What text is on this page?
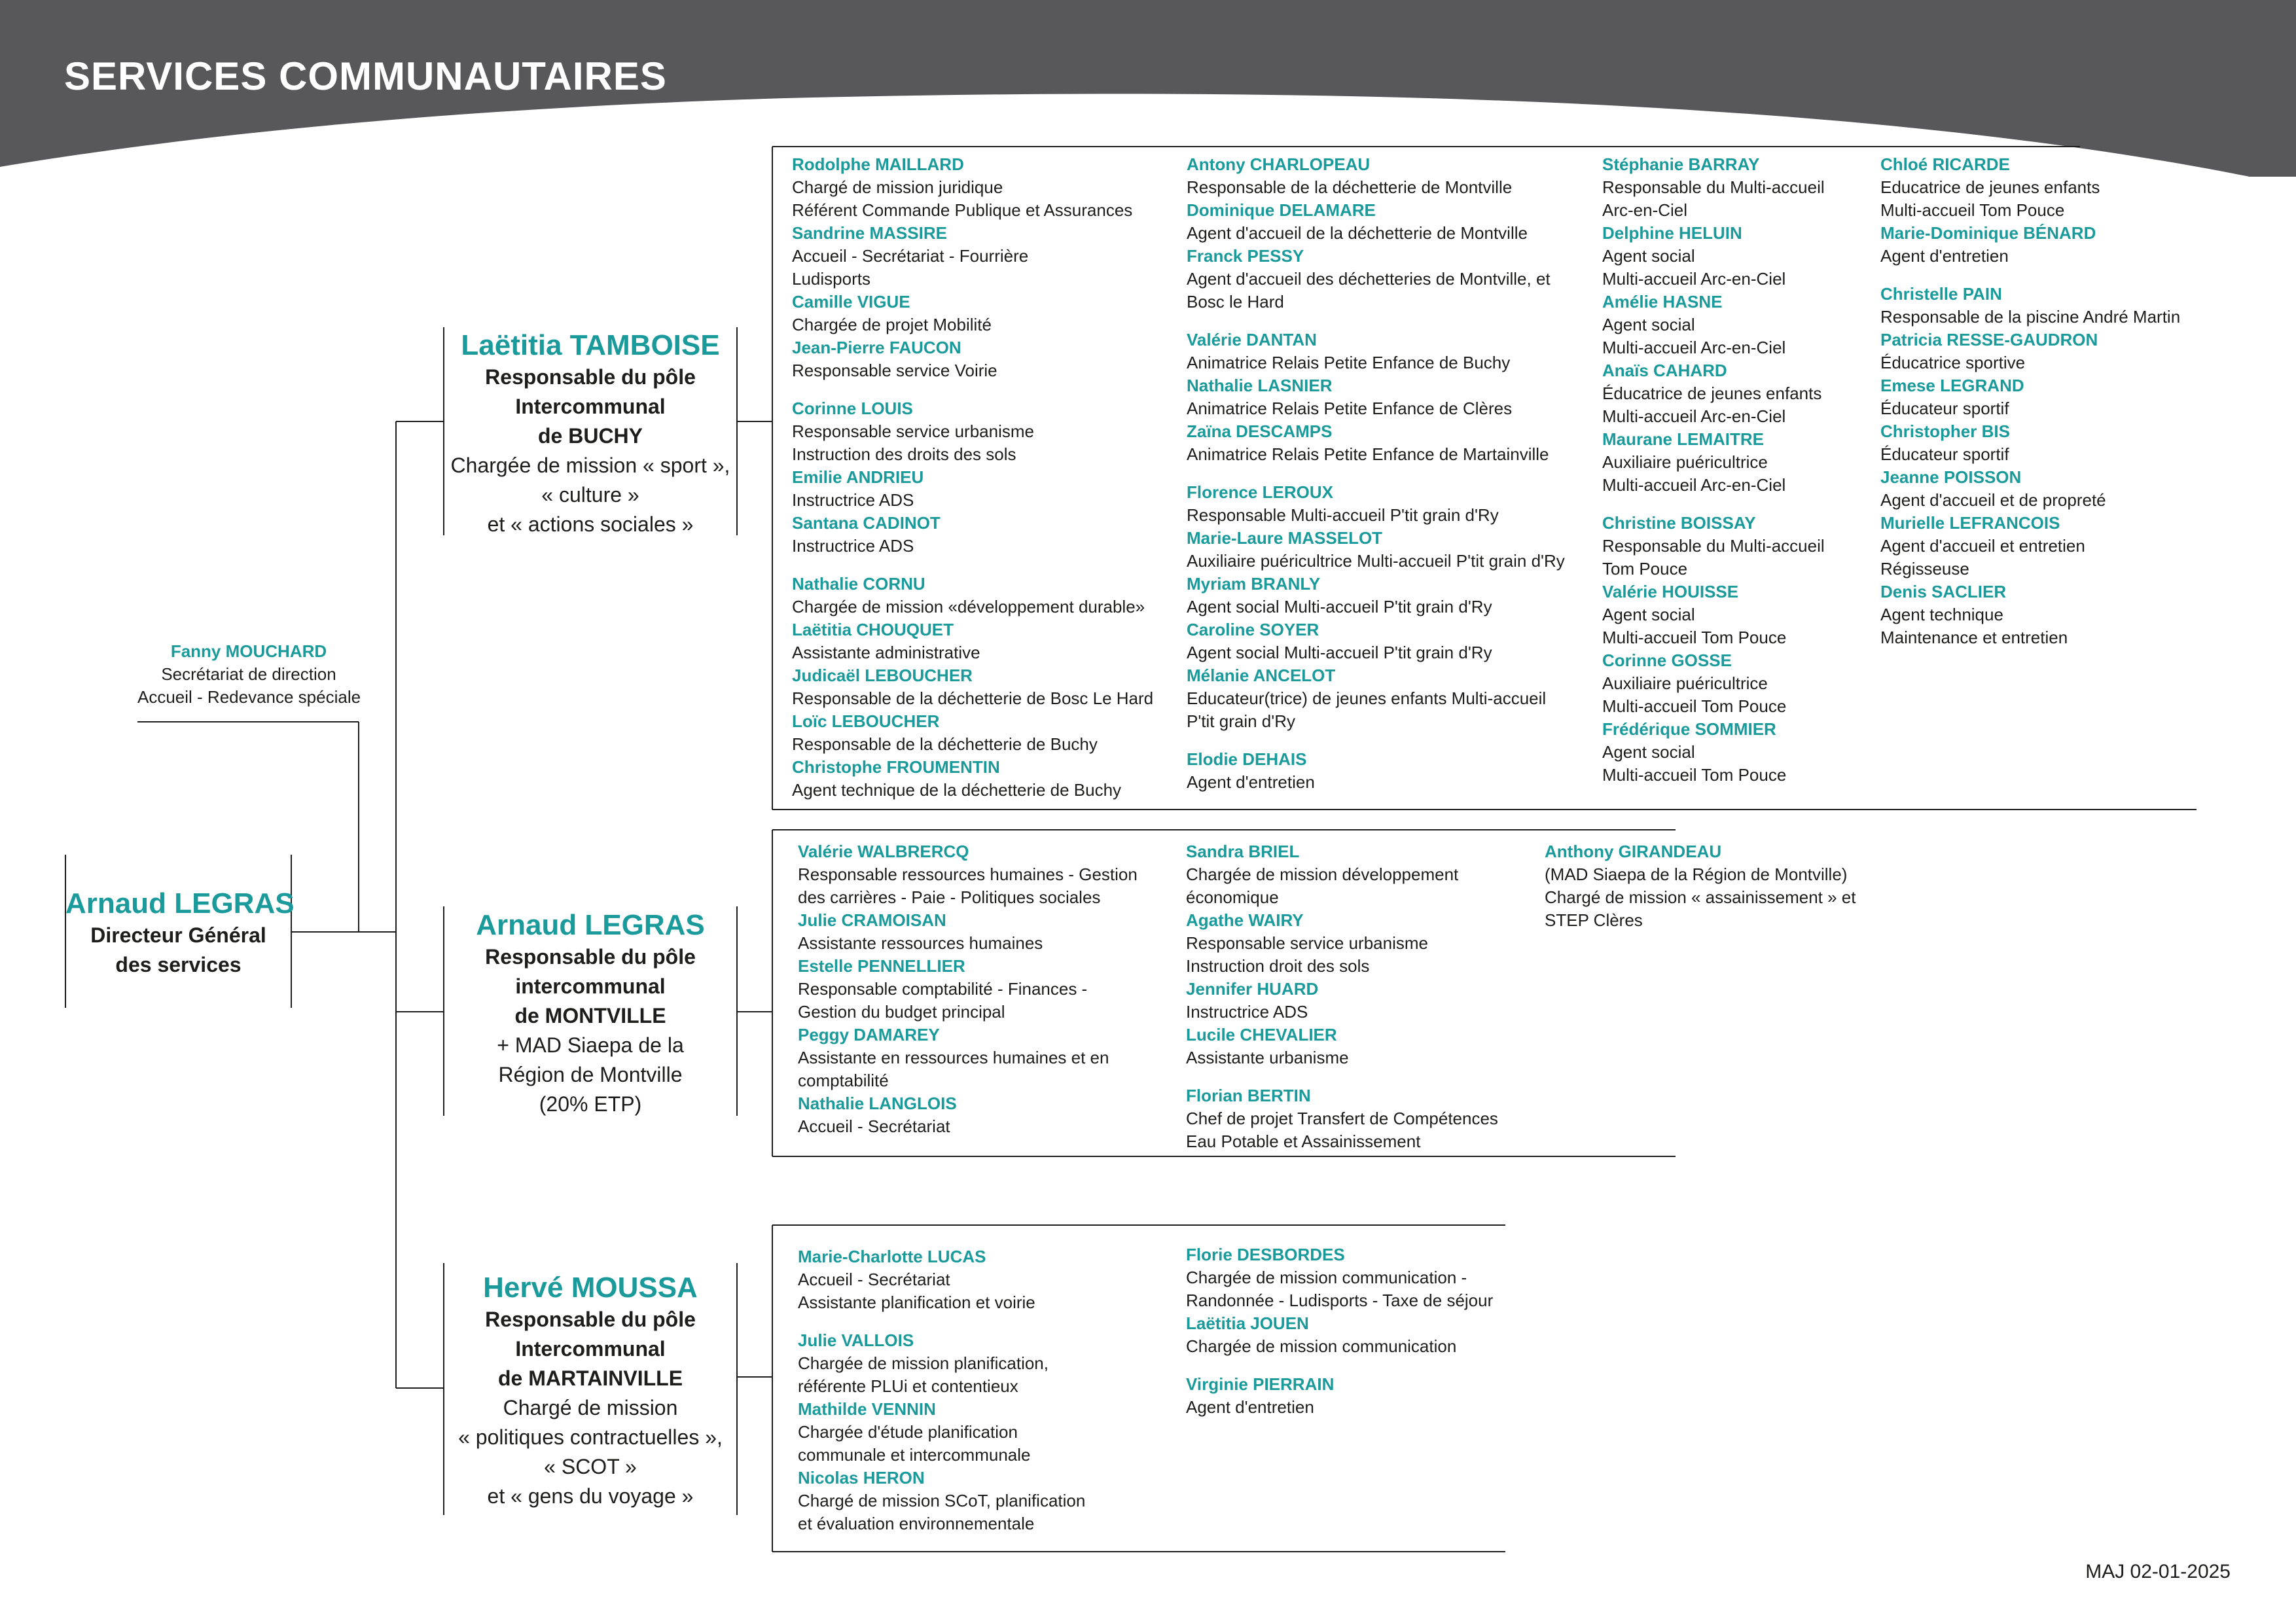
SERVICES COMMUNAUTAIRES
Fanny MOUCHARD
Secrétariat de direction
Accueil - Redevance spéciale
Arnaud LEGRAS
Directeur Général
des services
Laëtitia TAMBOISE
Responsable du pôle
Intercommunal
de BUCHY
Chargée de mission « sport »,
« culture »
et « actions sociales »
Arnaud LEGRAS
Responsable du pôle
intercommunal
de MONTVILLE
+ MAD Siaepa de la
Région de Montville
(20% ETP)
Hervé MOUSSA
Responsable du pôle
Intercommunal
de MARTAINVILLE
Chargé de mission
« politiques contractuelles »,
« SCOT »
et « gens du voyage »
Rodolphe MAILLARD
Chargé de mission juridique
Référent Commande Publique et Assurances
Sandrine MASSIRE
Accueil - Secrétariat - Fourrière
Ludisports
Camille VIGUE
Chargée de projet Mobilité
Jean-Pierre FAUCON
Responsable service Voirie
Corinne LOUIS
Responsable service urbanisme
Instruction des droits des sols
Emilie ANDRIEU
Instructrice ADS
Santana CADINOT
Instructrice ADS
Nathalie CORNU
Chargée de mission «développement durable»
Laëtitia CHOUQUET
Assistante administrative
Judicaël LEBOUCHER
Responsable de la déchetterie de Bosc Le Hard
Loïc LEBOUCHER
Responsable de la déchetterie de Buchy
Christophe FROUMENTIN
Agent technique de la déchetterie de Buchy
Antony CHARLOPEAU
Responsable de la déchetterie de Montville
Dominique DELAMARE
Agent d'accueil de la déchetterie de Montville
Franck PESSY
Agent d'accueil des déchetteries de Montville, et
Bosc le Hard
Valérie DANTAN
Animatrice Relais Petite Enfance de Buchy
Nathalie LASNIER
Animatrice Relais Petite Enfance de Clères
Zaïna DESCAMPS
Animatrice Relais Petite Enfance de Martainville
Florence LEROUX
Responsable Multi-accueil P'tit grain d'Ry
Marie-Laure MASSELOT
Auxiliaire puéricultrice Multi-accueil P'tit grain d'Ry
Myriam BRANLY
Agent social Multi-accueil P'tit grain d'Ry
Caroline SOYER
Agent social Multi-accueil P'tit grain d'Ry
Mélanie ANCELOT
Educateur(trice) de jeunes enfants Multi-accueil
P'tit grain d'Ry
Elodie DEHAIS
Agent d'entretien
Stéphanie BARRAY
Responsable du Multi-accueil
Arc-en-Ciel
Delphine HELUIN
Agent social
Multi-accueil Arc-en-Ciel
Amélie HASNE
Agent social
Multi-accueil Arc-en-Ciel
Anaïs CAHARD
Éducatrice de jeunes enfants
Multi-accueil Arc-en-Ciel
Maurane LEMAITRE
Auxiliaire puéricultrice
Multi-accueil Arc-en-Ciel
Christine BOISSAY
Responsable du Multi-accueil
Tom Pouce
Valérie HOUISSE
Agent social
Multi-accueil Tom Pouce
Corinne GOSSE
Auxiliaire puéricultrice
Multi-accueil Tom Pouce
Frédérique SOMMIER
Agent social
Multi-accueil Tom Pouce
Chloé RICARDE
Educatrice de jeunes enfants
Multi-accueil Tom Pouce
Marie-Dominique BÉNARD
Agent d'entretien
Christelle PAIN
Responsable de la piscine André Martin
Patricia RESSE-GAUDRON
Éducatrice sportive
Emese LEGRAND
Éducateur sportif
Christopher BIS
Éducateur sportif
Jeanne POISSON
Agent d'accueil et de propreté
Murielle LEFRANCOIS
Agent d'accueil et entretien
Régisseuse
Denis SACLIER
Agent technique
Maintenance et entretien
Valérie WALBRERCQ
Responsable ressources humaines - Gestion
des carrières - Paie - Politiques sociales
Julie CRAMOISAN
Assistante ressources humaines
Estelle PENNELLIER
Responsable comptabilité - Finances -
Gestion du budget principal
Peggy DAMAREY
Assistante en ressources humaines et en
comptabilité
Nathalie LANGLOIS
Accueil - Secrétariat
Sandra BRIEL
Chargée de mission développement
économique
Agathe WAIRY
Responsable service urbanisme
Instruction droit des sols
Jennifer HUARD
Instructrice ADS
Lucile CHEVALIER
Assistante urbanisme
Florian BERTIN
Chef de projet Transfert de Compétences
Eau Potable et Assainissement
Anthony GIRANDEAU
(MAD Siaepa de la Région de Montville)
Chargé de mission « assainissement » et
STEP Clères
Marie-Charlotte LUCAS
Accueil - Secrétariat
Assistante planification et voirie
Julie VALLOIS
Chargée de mission planification,
référente PLUi et contentieux
Mathilde VENNIN
Chargée d'étude planification
communale et intercommunale
Nicolas HERON
Chargé de mission SCoT, planification
et évaluation environnementale
Florie DESBORDES
Chargée de mission communication -
Randonnée - Ludisports - Taxe de séjour
Laëtitia JOUEN
Chargée de mission communication
Virginie PIERRAIN
Agent d'entretien
MAJ 02-01-2025
